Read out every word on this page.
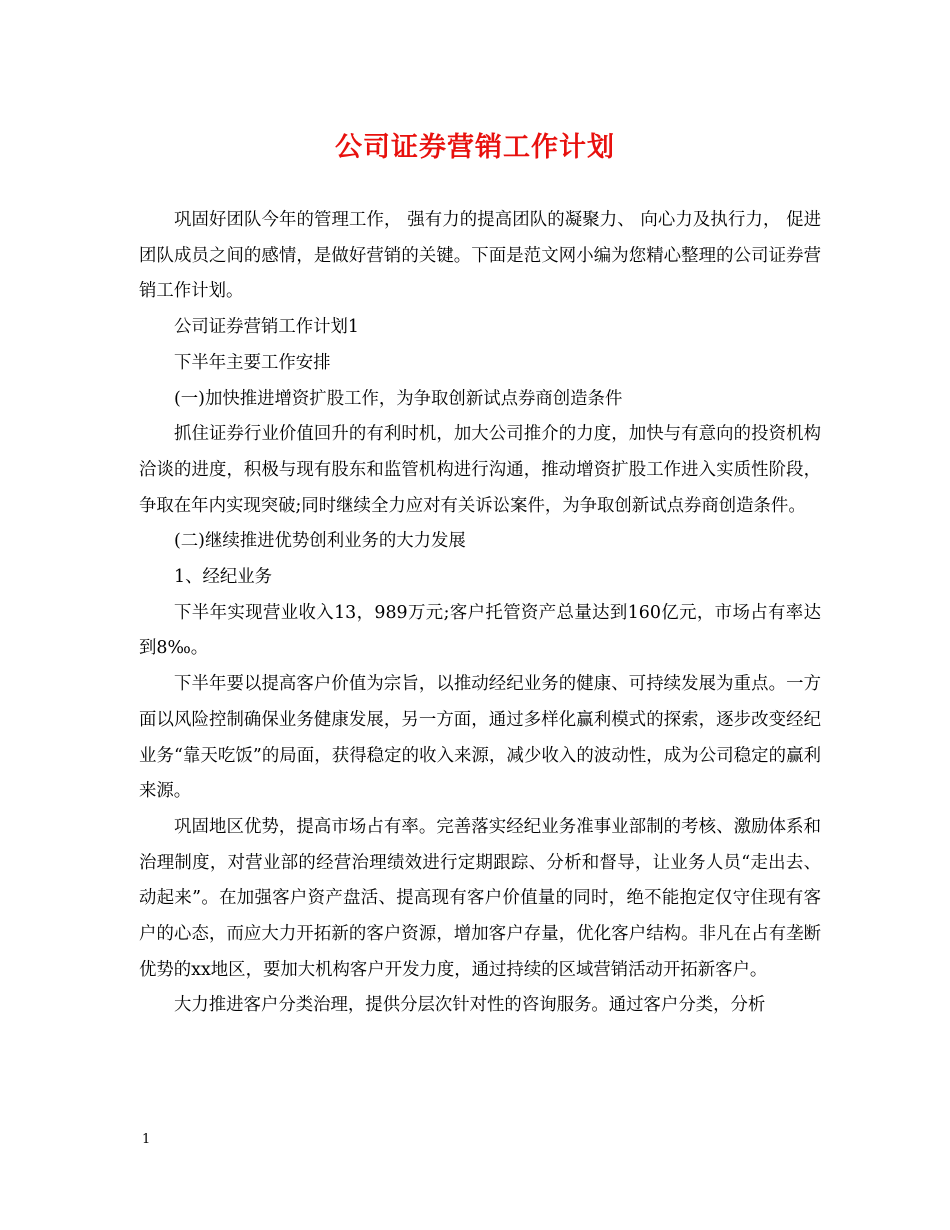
公司证券营销工作计划

巩固好团队今年的管理工作， 强有力的提高团队的凝聚力、 向心力及执行力， 促进团队成员之间的感情，是做好营销的关键。下面是范文网小编为您精心整理的公司证券营销工作计划。

公司证券营销工作计划1

下半年主要工作安排

(一)加快推进增资扩股工作，为争取创新试点券商创造条件

抓住证券行业价值回升的有利时机，加大公司推介的力度，加快与有意向的投资机构洽谈的进度，积极与现有股东和监管机构进行沟通，推动增资扩股工作进入实质性阶段，争取在年内实现突破;同时继续全力应对有关诉讼案件，为争取创新试点券商创造条件。

(二)继续推进优势创利业务的大力发展

1、经纪业务

下半年实现营业收入13，989万元;客户托管资产总量达到160亿元，市场占有率达到8‰。

下半年要以提高客户价值为宗旨，以推动经纪业务的健康、可持续发展为重点。一方面以风险控制确保业务健康发展，另一方面，通过多样化赢利模式的探索，逐步改变经纪业务“靠天吃饭”的局面，获得稳定的收入来源，减少收入的波动性，成为公司稳定的赢利来源。

巩固地区优势，提高市场占有率。完善落实经纪业务准事业部制的考核、激励体系和治理制度，对营业部的经营治理绩效进行定期跟踪、分析和督导，让业务人员“走出去、动起来”。在加强客户资产盘活、提高现有客户价值量的同时，绝不能抱定仅守住现有客户的心态，而应大力开拓新的客户资源，增加客户存量，优化客户结构。非凡在占有垄断优势的xx地区，要加大机构客户开发力度，通过持续的区域营销活动开拓新客户。

大力推进客户分类治理，提供分层次针对性的咨询服务。通过客户分类，分析

1
